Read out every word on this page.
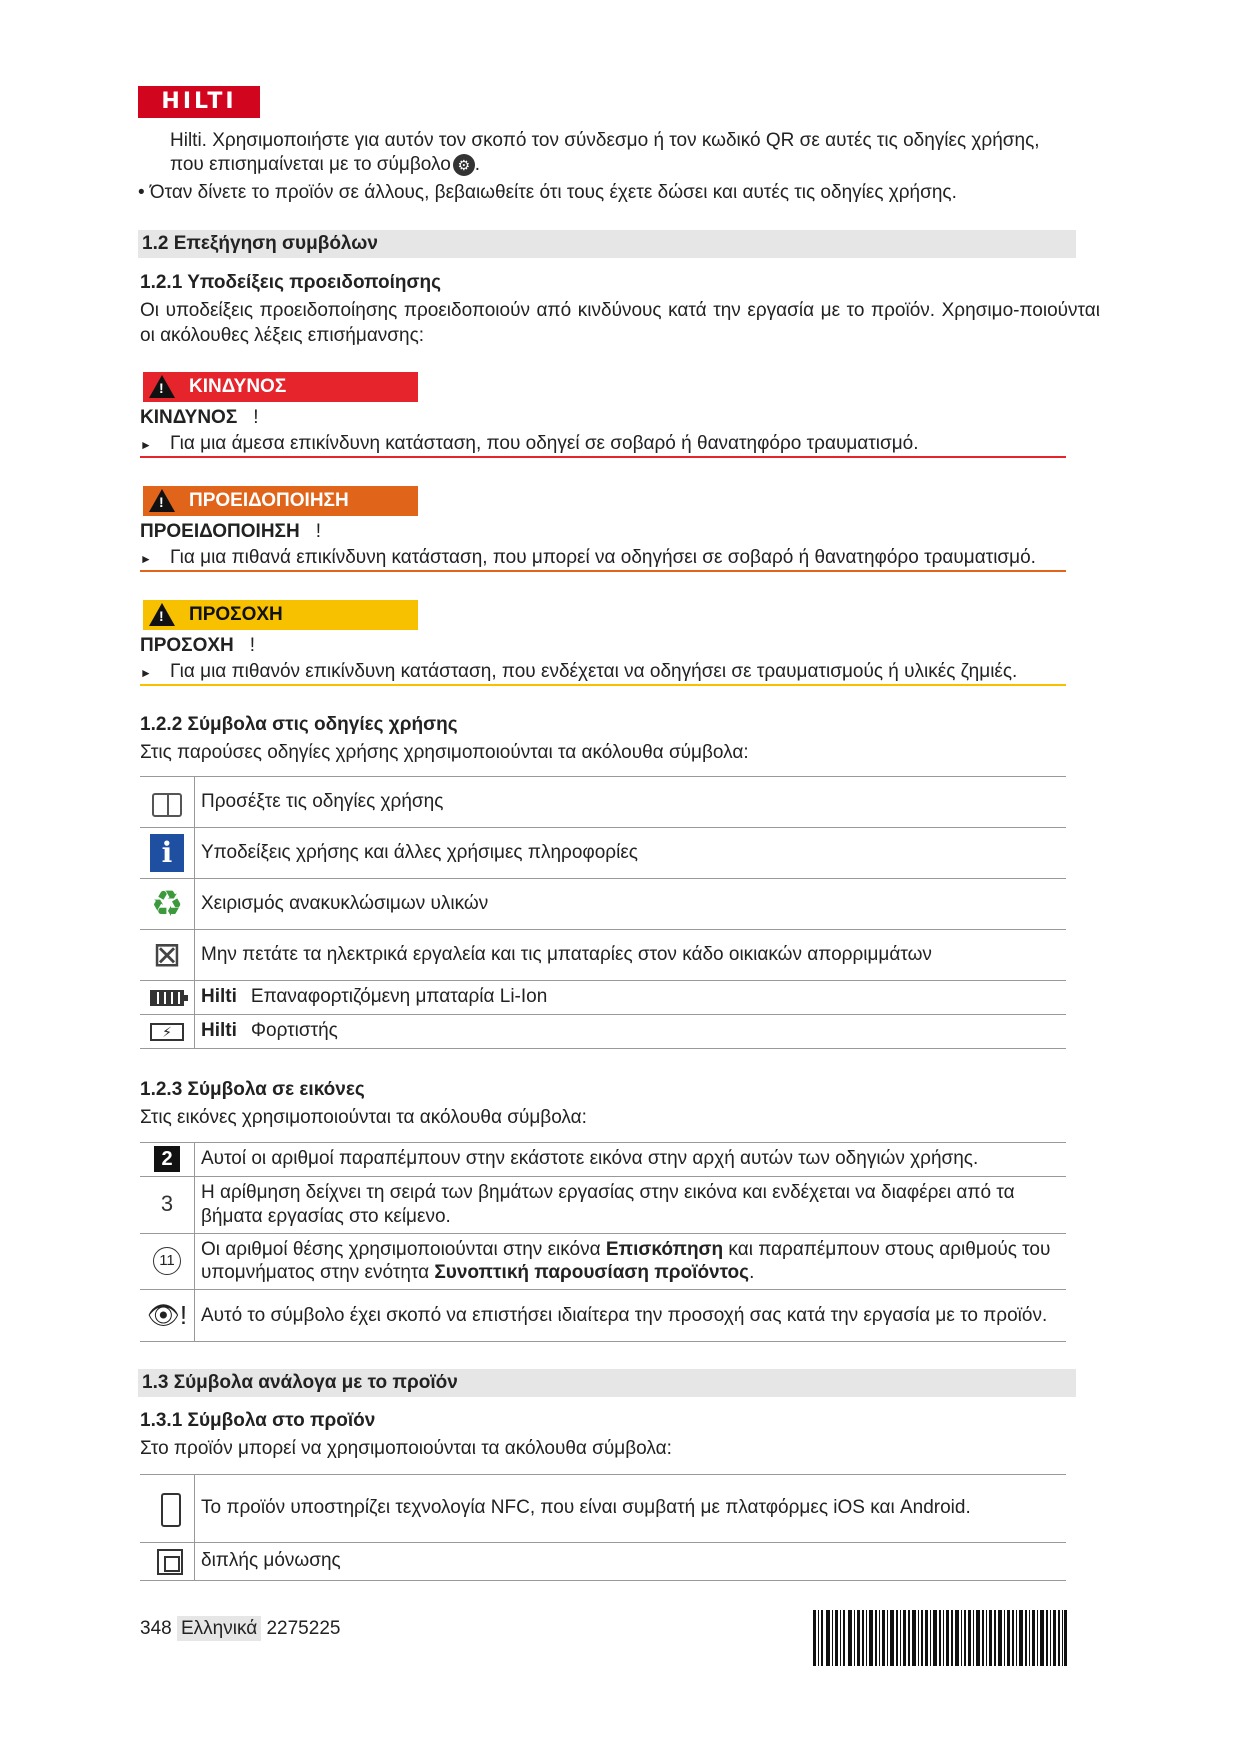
HILTI
Hilti. Χρησιμοποιήστε για αυτόν τον σκοπό τον σύνδεσμο ή τον κωδικό QR σε αυτές τις οδηγίες χρήσης,
που επισημαίνεται με το σύμβολο ⚙ .
• Όταν δίνετε το προϊόν σε άλλους, βεβαιωθείτε ότι τους έχετε δώσει και αυτές τις οδηγίες χρήσης.
1.2 Επεξήγηση συμβόλων
1.2.1 Υποδείξεις προειδοποίησης
Οι υποδείξεις προειδοποίησης προειδοποιούν από κινδύνους κατά την εργασία με το προϊόν. Χρησιμο-ποιούνται οι ακόλουθες λέξεις επισήμανσης:
!
ΚΙΝΔΥΝΟΣ
ΚΙΝΔΥΝΟΣ !
► Για μια άμεσα επικίνδυνη κατάσταση, που οδηγεί σε σοβαρό ή θανατηφόρο τραυματισμό.
!
ΠΡΟΕΙΔΟΠΟΙΗΣΗ
ΠΡΟΕΙΔΟΠΟΙΗΣΗ !
► Για μια πιθανά επικίνδυνη κατάσταση, που μπορεί να οδηγήσει σε σοβαρό ή θανατηφόρο τραυματισμό.
!
ΠΡΟΣΟΧΗ
ΠΡΟΣΟΧΗ !
► Για μια πιθανόν επικίνδυνη κατάσταση, που ενδέχεται να οδηγήσει σε τραυματισμούς ή υλικές ζημιές.
1.2.2 Σύμβολα στις οδηγίες χρήσης
Στις παρούσες οδηγίες χρήσης χρησιμοποιούνται τα ακόλουθα σύμβολα:
	Προσέξτε τις οδηγίες χρήσης
i	Υποδείξεις χρήσης και άλλες χρήσιμες πληροφορίες
♻	Χειρισμός ανακυκλώσιμων υλικών
⊠	Μην πετάτε τα ηλεκτρικά εργαλεία και τις μπαταρίες στον κάδο οικιακών απορριμμάτων
	Hilti Επαναφορτιζόμενη μπαταρία Li-Ion
⚡	Hilti Φορτιστής
1.2.3 Σύμβολα σε εικόνες
Στις εικόνες χρησιμοποιούνται τα ακόλουθα σύμβολα:
2	Αυτοί οι αριθμοί παραπέμπουν στην εκάστοτε εικόνα στην αρχή αυτών των οδηγιών χρήσης.
3	Η αρίθμηση δείχνει τη σειρά των βημάτων εργασίας στην εικόνα και ενδέχεται να διαφέρει από τα βήματα εργασίας στο κείμενο.
11	Οι αριθμοί θέσης χρησιμοποιούνται στην εικόνα Επισκόπηση και παραπέμπουν στους αριθμούς του υπομνήματος στην ενότητα Συνοπτική παρουσίαση προϊόντος.
👁!	Αυτό το σύμβολο έχει σκοπό να επιστήσει ιδιαίτερα την προσοχή σας κατά την εργασία με το προϊόν.
1.3 Σύμβολα ανάλογα με το προϊόν
1.3.1 Σύμβολα στο προϊόν
Στο προϊόν μπορεί να χρησιμοποιούνται τα ακόλουθα σύμβολα:
	Το προϊόν υποστηρίζει τεχνολογία NFC, που είναι συμβατή με πλατφόρμες iOS και Android.
	διπλής μόνωσης
348 Ελληνικά 2275225
